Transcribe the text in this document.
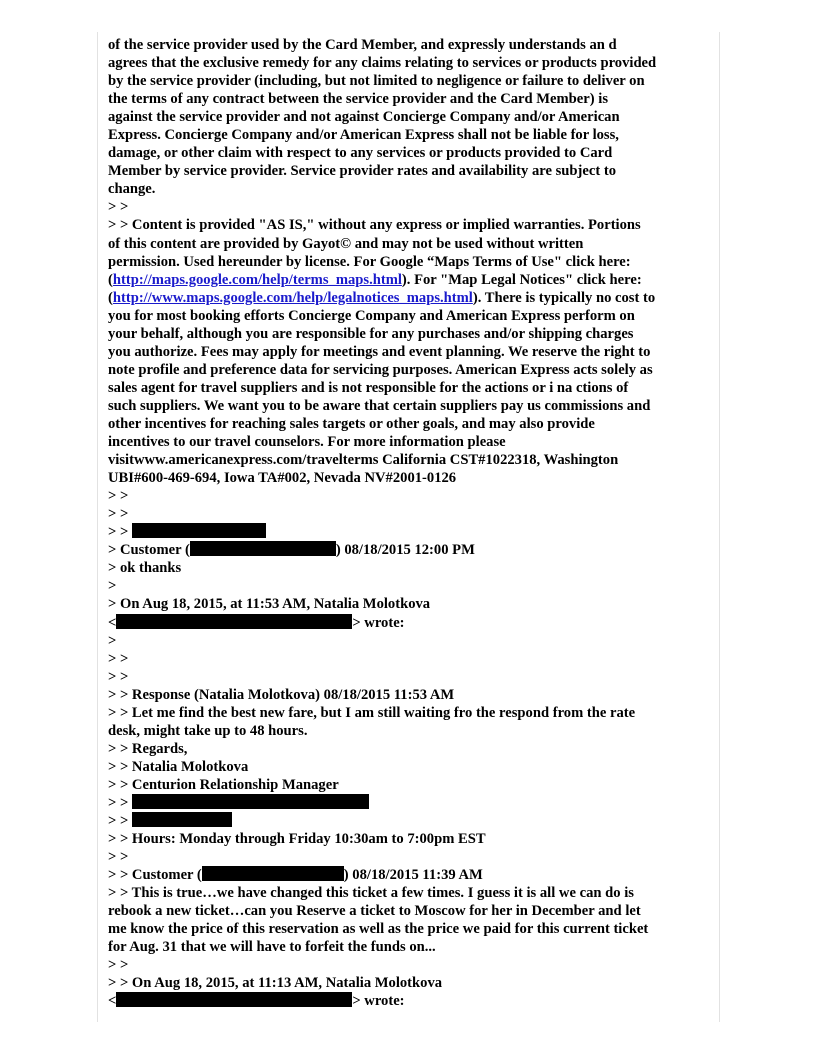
of the service provider used by the Card Member, and expressly understands an d
agrees that the exclusive remedy for any claims relating to services or products provided
by the service provider (including, but not limited to negligence or failure to deliver on
the terms of any contract between the service provider and the Card Member) is
against the service provider and not against Concierge Company and/or American
Express. Concierge Company and/or American Express shall not be liable for loss,
damage, or other claim with respect to any services or products provided to Card
Member by service provider. Service provider rates and availability are subject to
change.
> >
> > Content is provided "AS IS," without any express or implied warranties. Portions
of this content are provided by Gayot© and may not be used without written
permission. Used hereunder by license. For Google “Maps Terms of Use" click here:
(http://maps.google.com/help/terms_maps.html). For "Map Legal Notices" click here:
(http://www.maps.google.com/help/legalnotices_maps.html). There is typically no cost to
you for most booking efforts Concierge Company and American Express perform on
your behalf, although you are responsible for any purchases and/or shipping charges
you authorize. Fees may apply for meetings and event planning. We reserve the right to
note profile and preference data for servicing purposes. American Express acts solely as
sales agent for travel suppliers and is not responsible for the actions or i na ctions of
such suppliers. We want you to be aware that certain suppliers pay us commissions and
other incentives for reaching sales targets or other goals, and may also provide
incentives to our travel counselors. For more information please
visitwww.americanexpress.com/travelterms California CST#1022318, Washington
UBI#600-469-694, Iowa TA#002, Nevada NV#2001-0126
> >
> >
> >
> Customer (	) 08/18/2015 12:00 PM
> ok thanks
>
> On Aug 18, 2015, at 11:53 AM, Natalia Molotkova
<	> wrote:
>
> >
> >
> > Response (Natalia Molotkova) 08/18/2015 11:53 AM
> > Let me find the best new fare, but I am still waiting fro the respond from the rate
desk, might take up to 48 hours.
> > Regards,
> > Natalia Molotkova
> > Centurion Relationship Manager
> >
> >
> > Hours: Monday through Friday 10:30am to 7:00pm EST
> >
> > Customer (	) 08/18/2015 11:39 AM
> > This is true…we have changed this ticket a few times. I guess it is all we can do is
rebook a new ticket…can you Reserve a ticket to Moscow for her in December and let
me know the price of this reservation as well as the price we paid for this current ticket
for Aug. 31 that we will have to forfeit the funds on...
> >
> > On Aug 18, 2015, at 11:13 AM, Natalia Molotkova
<	> wrote:
